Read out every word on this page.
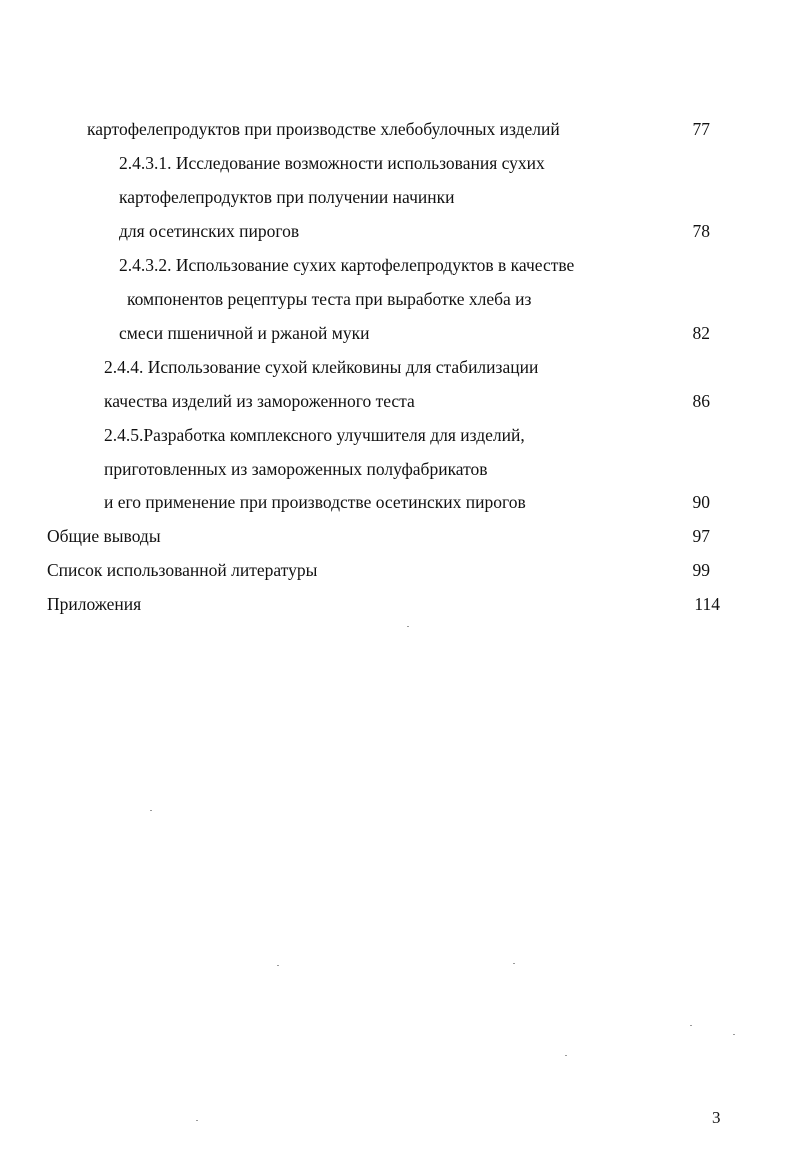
картофелепродуктов при производстве хлебобулочных изделий	77
2.4.3.1. Исследование возможности использования сухих
картофелепродуктов при получении начинки
для осетинских пирогов	78
2.4.3.2. Использование сухих картофелепродуктов в качестве
компонентов рецептуры теста при выработке хлеба из
смеси пшеничной и ржаной муки	82
2.4.4. Использование сухой клейковины для стабилизации
качества изделий из замороженного теста	86
2.4.5.Разработка комплексного улучшителя для изделий,
приготовленных из замороженных полуфабрикатов
и его применение при производстве осетинских пирогов	90
Общие выводы	97
Список использованной литературы	99
Приложения	114
3
